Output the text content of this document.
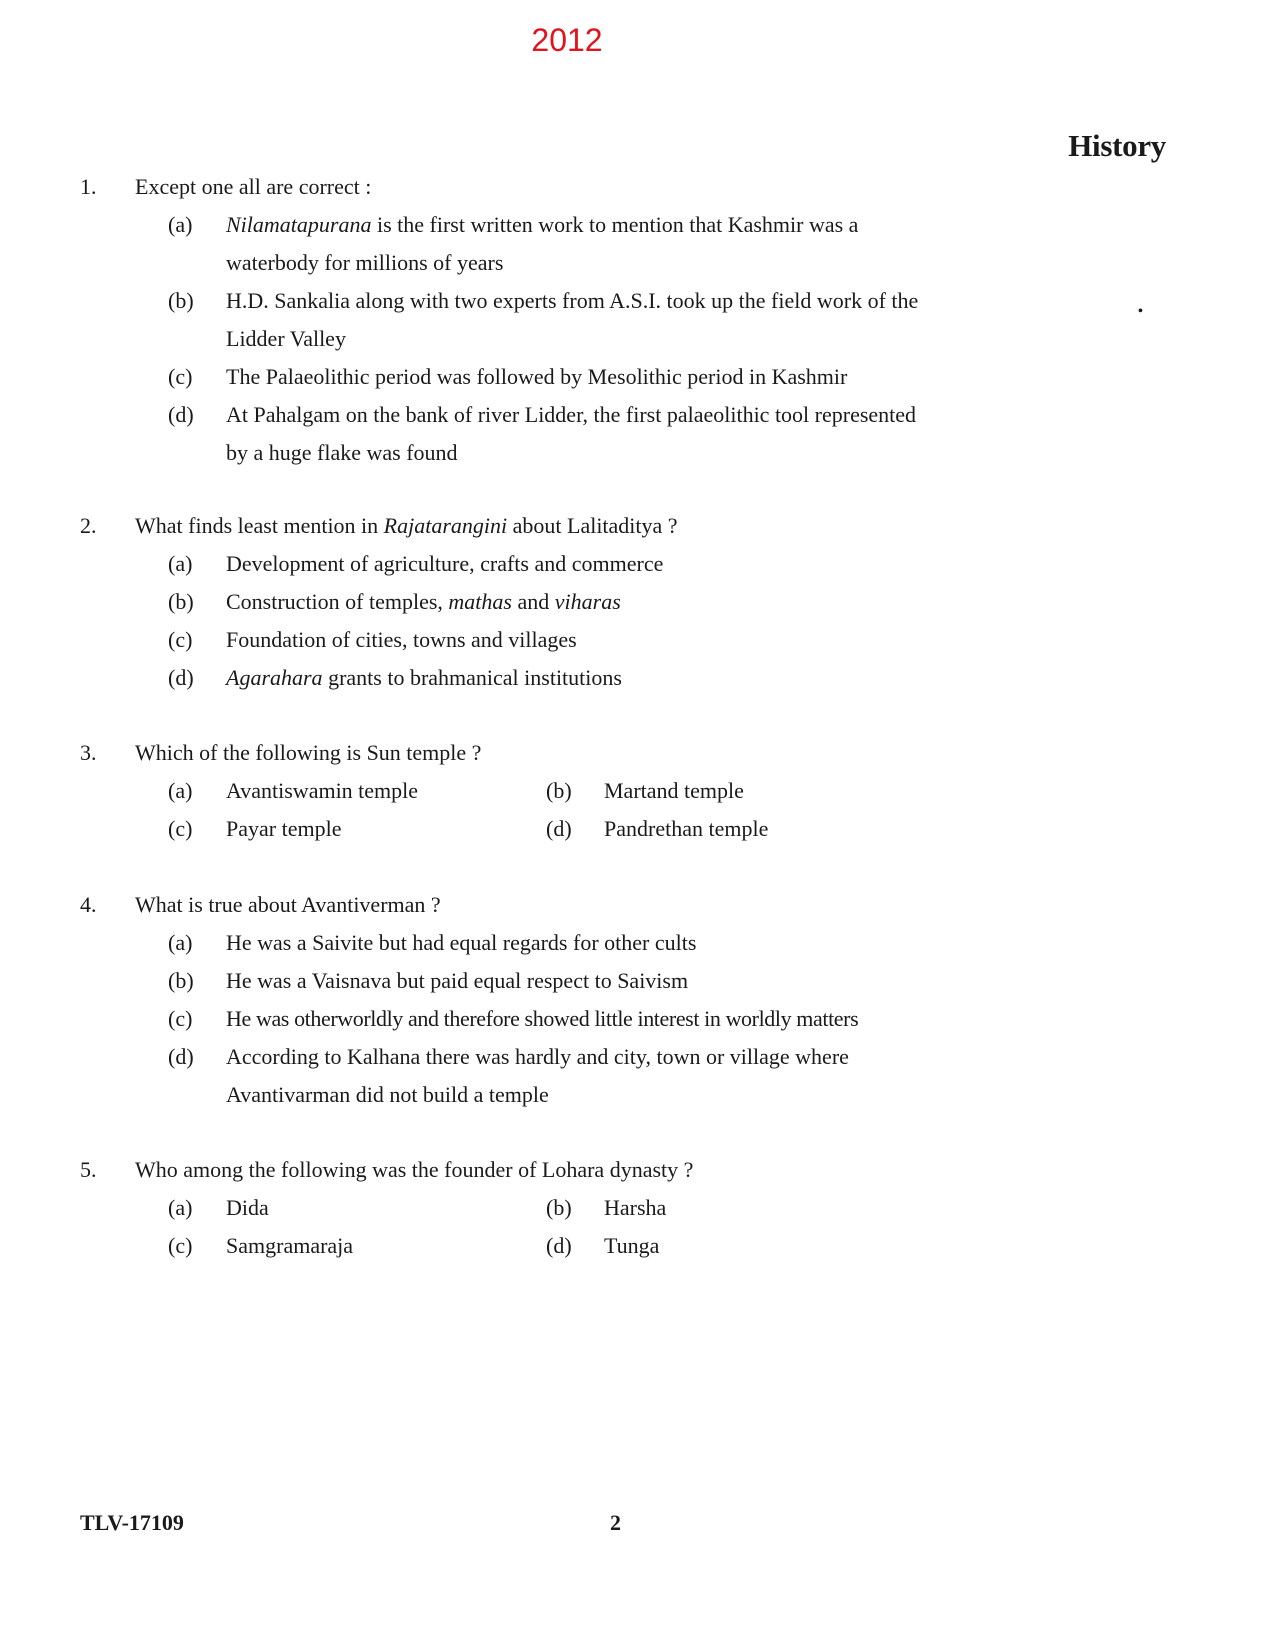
2012
History
•
1.	Except one all are correct :
(a)	Nilamatapurana is the first written work to mention that Kashmir was a waterbody for millions of years
(b)	H.D. Sankalia along with two experts from A.S.I. took up the field work of the Lidder Valley
(c)	The Palaeolithic period was followed by Mesolithic period in Kashmir
(d)	At Pahalgam on the bank of river Lidder, the first palaeolithic tool represented by a huge flake was found
2.	What finds least mention in Rajatarangini about Lalitaditya ?
(a)	Development of agriculture, crafts and commerce
(b)	Construction of temples, mathas and viharas
(c)	Foundation of cities, towns and villages
(d)	Agarahara grants to brahmanical institutions
3.	Which of the following is Sun temple ?
(a)	Avantiswamin temple	(b)	Martand temple
(c)	Payar temple	(d)	Pandrethan temple
4.	What is true about Avantiverman ?
(a)	He was a Saivite but had equal regards for other cults
(b)	He was a Vaisnava but paid equal respect to Saivism
(c)	He was otherworldly and therefore showed little interest in worldly matters
(d)	According to Kalhana there was hardly and city, town or village where Avantivarman did not build a temple
5.	Who among the following was the founder of Lohara dynasty ?
(a)	Dida	(b)	Harsha
(c)	Samgramaraja	(d)	Tunga
TLV-17109	2
